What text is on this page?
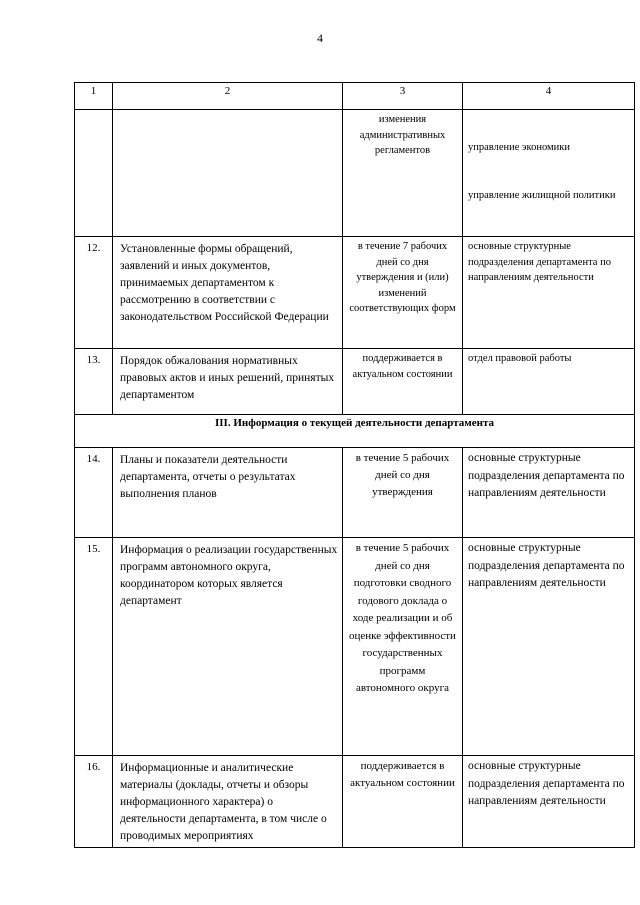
4
1	2	3	4
		изменения административных регламентов	управление экономики
управление жилищной политики

12.	Установленные формы обращений, заявлений и иных документов, принимаемых департаментом к рассмотрению в соответствии с законодательством Российской Федерации	в течение 7 рабочих дней со дня утверждения и (или) изменений соответствующих форм	основные структурные подразделения департамента по направлениям деятельности
13.	Порядок обжалования нормативных правовых актов и иных решений, принятых департаментом	поддерживается в актуальном состоянии	отдел правовой работы
III. Информация о текущей деятельности департамента			
14.	Планы и показатели деятельности департамента, отчеты о результатах выполнения планов	в течение 5 рабочих дней со дня утверждения	основные структурные подразделения департамента по направлениям деятельности
15.	Информация о реализации государственных программ автономного округа, координатором которых является департамент	в течение 5 рабочих дней со дня подготовки сводного годового доклада о ходе реализации и об оценке эффективности государственных программ автономного округа	основные структурные подразделения департамента по направлениям деятельности
16.	Информационные и аналитические материалы (доклады, отчеты и обзоры информационного характера) о деятельности департамента, в том числе о проводимых мероприятиях	поддерживается в актуальном состоянии	основные структурные подразделения департамента по направлениям деятельности
